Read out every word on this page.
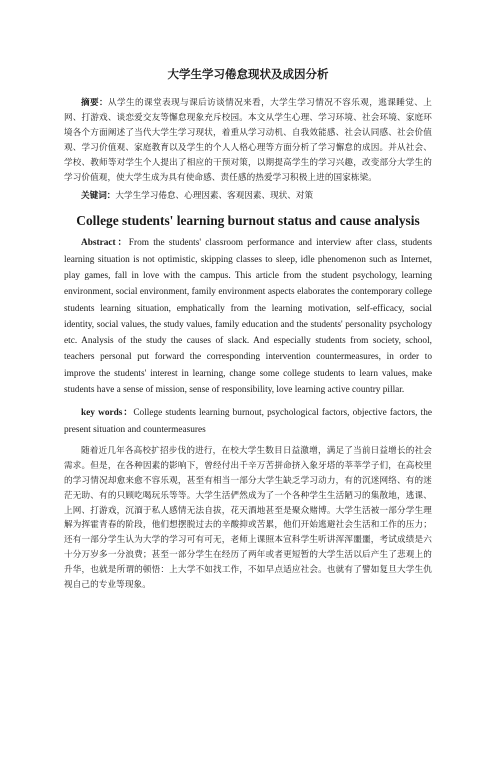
大学生学习倦怠现状及成因分析
摘要：从学生的课堂表现与课后访谈情况来看，大学生学习情况不容乐观，逃课睡觉、上网、打游戏、谈恋爱交友等懈怠现象充斥校园。本文从学生心理、学习环境、社会环境、家庭环境各个方面阐述了当代大学生学习现状，着重从学习动机、自我效能感、社会认同感、社会价值观、学习价值观、家庭教育以及学生的个人人格心理等方面分析了学习懈怠的成因。并从社会、学校、教师等对学生个人提出了相应的干预对策，以期提高学生的学习兴趣，改变部分大学生的学习价值观，使大学生成为具有使命感、责任感的热爱学习积极上进的国家栋梁。
关键词：大学生学习倦怠、心理因素、客观因素、现状、对策
College students' learning burnout status and cause analysis
Abstract：From the students' classroom performance and interview after class, students learning situation is not optimistic, skipping classes to sleep, idle phenomenon such as Internet, play games, fall in love with the campus. This article from the student psychology, learning environment, social environment, family environment aspects elaborates the contemporary college students learning situation, emphatically from the learning motivation, self-efficacy, social identity, social values, the study values, family education and the students' personality psychology etc. Analysis of the study the causes of slack. And especially students from society, school, teachers personal put forward the corresponding intervention countermeasures, in order to improve the students' interest in learning, change some college students to learn values, make students have a sense of mission, sense of responsibility, love learning active country pillar.
key words：College students learning burnout, psychological factors, objective factors, the present situation and countermeasures
随着近几年各高校扩招步伐的进行，在校大学生数目日益激增，满足了当前日益增长的社会需求。但是，在各种因素的影响下，曾经付出千辛万苦拼命挤入象牙塔的莘莘学子们，在高校里的学习情况却愈来愈不容乐观，甚至有相当一部分大学生缺乏学习动力，有的沉迷网络、有的迷茫无助、有的只顾吃喝玩乐等等。大学生活俨然成为了一个各种学生生活陋习的集散地，逃课、上网、打游戏，沉湎于私人感情无法自拔，花天酒地甚至是聚众赌博。大学生活被一部分学生理解为挥霍青春的阶段，他们想摆脱过去的辛酸抑或苦累，他们开始逃避社会生活和工作的压力；还有一部分学生认为大学的学习可有可无，老师上课照本宣科学生听讲浑浑噩噩，考试成绩是六十分万岁多一分浪费；甚至一部分学生在经历了两年或者更短暂的大学生活以后产生了悲观上的升华，也就是所谓的顿悟：上大学不如找工作，不如早点适应社会。也就有了譬如复旦大学生仇视自己的专业等现象。
